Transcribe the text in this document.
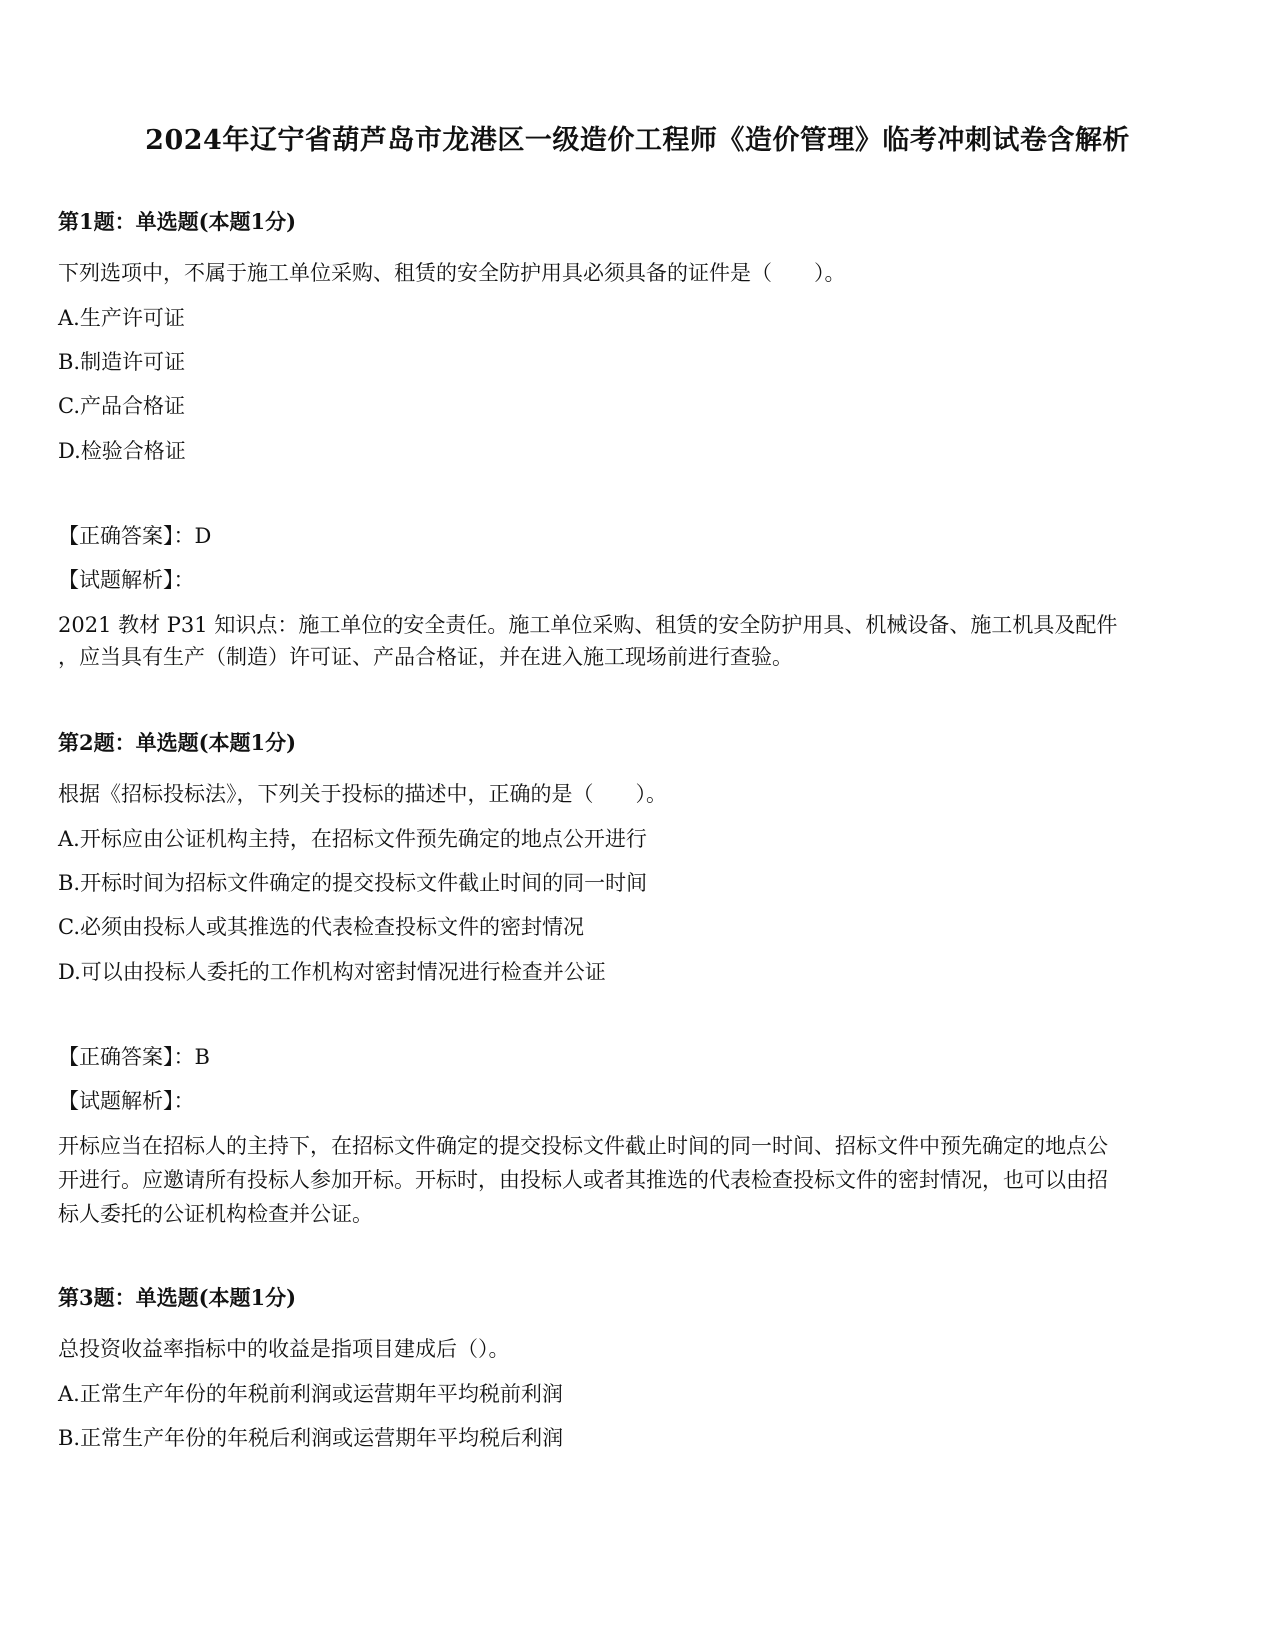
2024年辽宁省葫芦岛市龙港区一级造价工程师《造价管理》临考冲刺试卷含解析
第1题：单选题(本题1分)
下列选项中，不属于施工单位采购、租赁的安全防护用具必须具备的证件是（　　）。
A.生产许可证
B.制造许可证
C.产品合格证
D.检验合格证
【正确答案】：D
【试题解析】：
2021 教材 P31 知识点：施工单位的安全责任。施工单位采购、租赁的安全防护用具、机械设备、施工机具及配件
，应当具有生产（制造）许可证、产品合格证，并在进入施工现场前进行查验。
第2题：单选题(本题1分)
根据《招标投标法》，下列关于投标的描述中，正确的是（　　）。
A.开标应由公证机构主持，在招标文件预先确定的地点公开进行
B.开标时间为招标文件确定的提交投标文件截止时间的同一时间
C.必须由投标人或其推选的代表检查投标文件的密封情况
D.可以由投标人委托的工作机构对密封情况进行检查并公证
【正确答案】：B
【试题解析】：
开标应当在招标人的主持下，在招标文件确定的提交投标文件截止时间的同一时间、招标文件中预先确定的地点公
开进行。应邀请所有投标人参加开标。开标时，由投标人或者其推选的代表检查投标文件的密封情况，也可以由招
标人委托的公证机构检查并公证。
第3题：单选题(本题1分)
总投资收益率指标中的收益是指项目建成后（）。
A.正常生产年份的年税前利润或运营期年平均税前利润
B.正常生产年份的年税后利润或运营期年平均税后利润
